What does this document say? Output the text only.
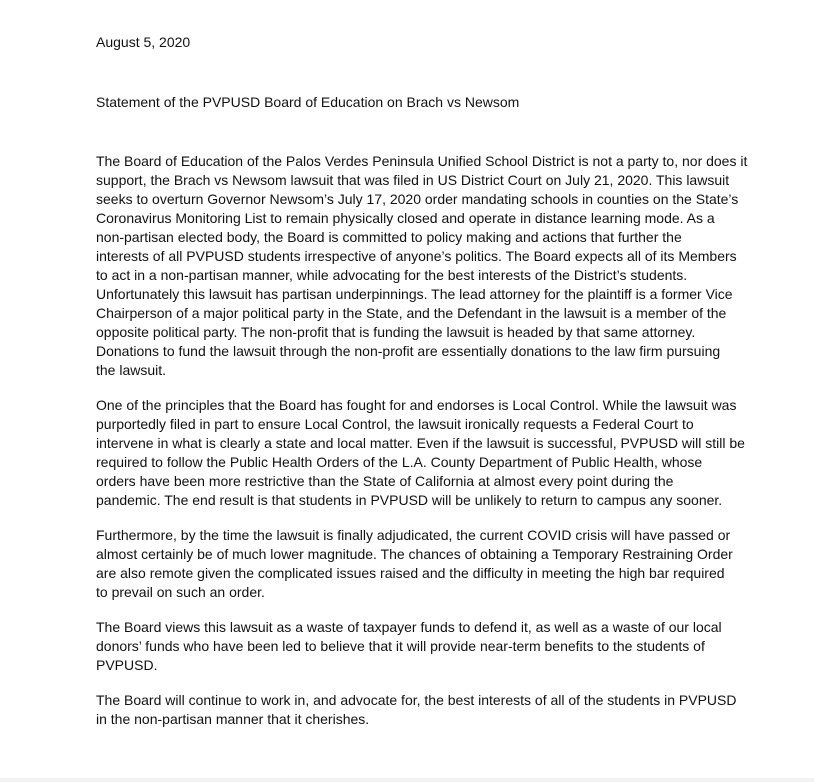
August 5, 2020

Statement of the PVPUSD Board of Education on Brach vs Newsom

The Board of Education of the Palos Verdes Peninsula Unified School District is not a party to, nor does it
support, the Brach vs Newsom lawsuit that was filed in US District Court on July 21, 2020. This lawsuit
seeks to overturn Governor Newsom’s July 17, 2020 order mandating schools in counties on the State’s
Coronavirus Monitoring List to remain physically closed and operate in distance learning mode. As a
non-partisan elected body, the Board is committed to policy making and actions that further the
interests of all PVPUSD students irrespective of anyone’s politics. The Board expects all of its Members
to act in a non-partisan manner, while advocating for the best interests of the District’s students.
Unfortunately this lawsuit has partisan underpinnings. The lead attorney for the plaintiff is a former Vice
Chairperson of a major political party in the State, and the Defendant in the lawsuit is a member of the
opposite political party. The non-profit that is funding the lawsuit is headed by that same attorney.
Donations to fund the lawsuit through the non-profit are essentially donations to the law firm pursuing
the lawsuit.

One of the principles that the Board has fought for and endorses is Local Control. While the lawsuit was
purportedly filed in part to ensure Local Control, the lawsuit ironically requests a Federal Court to
intervene in what is clearly a state and local matter. Even if the lawsuit is successful, PVPUSD will still be
required to follow the Public Health Orders of the L.A. County Department of Public Health, whose
orders have been more restrictive than the State of California at almost every point during the
pandemic. The end result is that students in PVPUSD will be unlikely to return to campus any sooner.

Furthermore, by the time the lawsuit is finally adjudicated, the current COVID crisis will have passed or
almost certainly be of much lower magnitude. The chances of obtaining a Temporary Restraining Order
are also remote given the complicated issues raised and the difficulty in meeting the high bar required
to prevail on such an order.

The Board views this lawsuit as a waste of taxpayer funds to defend it, as well as a waste of our local
donors’ funds who have been led to believe that it will provide near-term benefits to the students of
PVPUSD.

The Board will continue to work in, and advocate for, the best interests of all of the students in PVPUSD
in the non-partisan manner that it cherishes.
